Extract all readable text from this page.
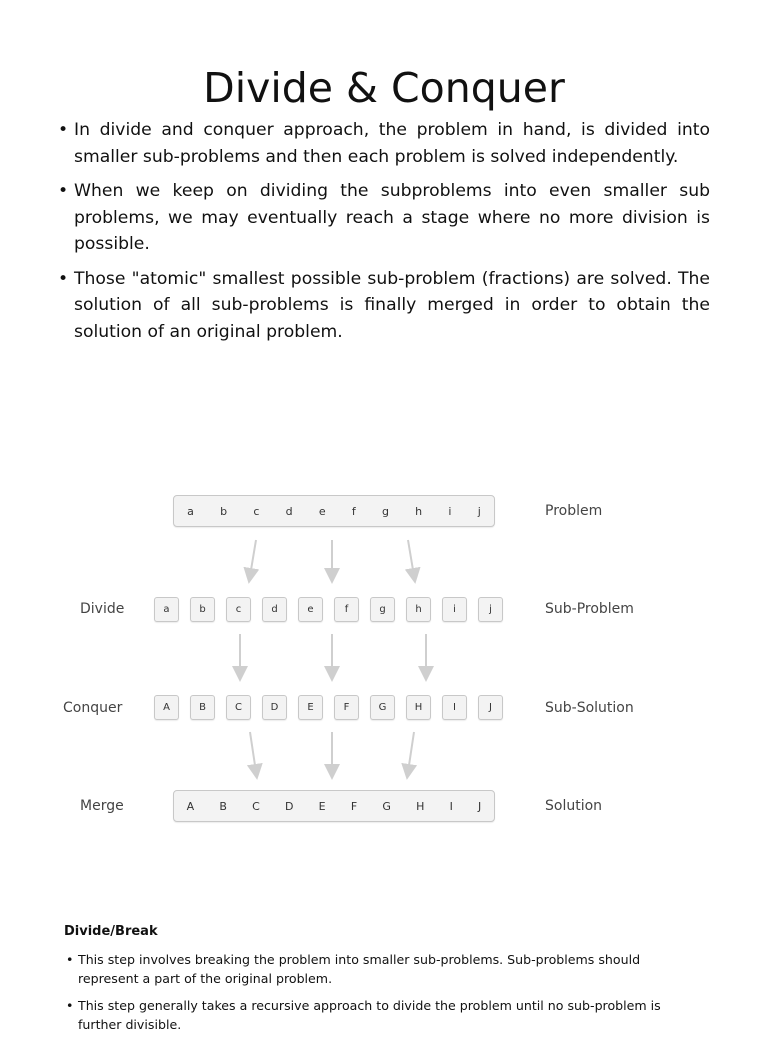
Divide & Conquer
• In divide and conquer approach, the problem in hand, is divided into smaller sub-problems and then each problem is solved independently.
• When we keep on dividing the subproblems into even smaller sub problems, we may eventually reach a stage where no more division is possible.
• Those "atomic" smallest possible sub-problem (fractions) are solved. The solution of all sub-problems is finally merged in order to obtain the solution of an original problem.
a b c d e f g h i j	Problem
Divide	a	b	c	d	e	f	g	h	i	j	Sub-Problem
Conquer	A	B	C	D	E	F	G	H	I	J	Sub-Solution
Merge	A B C D E F G H I J	Solution
Divide/Break
• This step involves breaking the problem into smaller sub-problems. Sub-problems should represent a part of the original problem.
• This step generally takes a recursive approach to divide the problem until no sub-problem is further divisible.
